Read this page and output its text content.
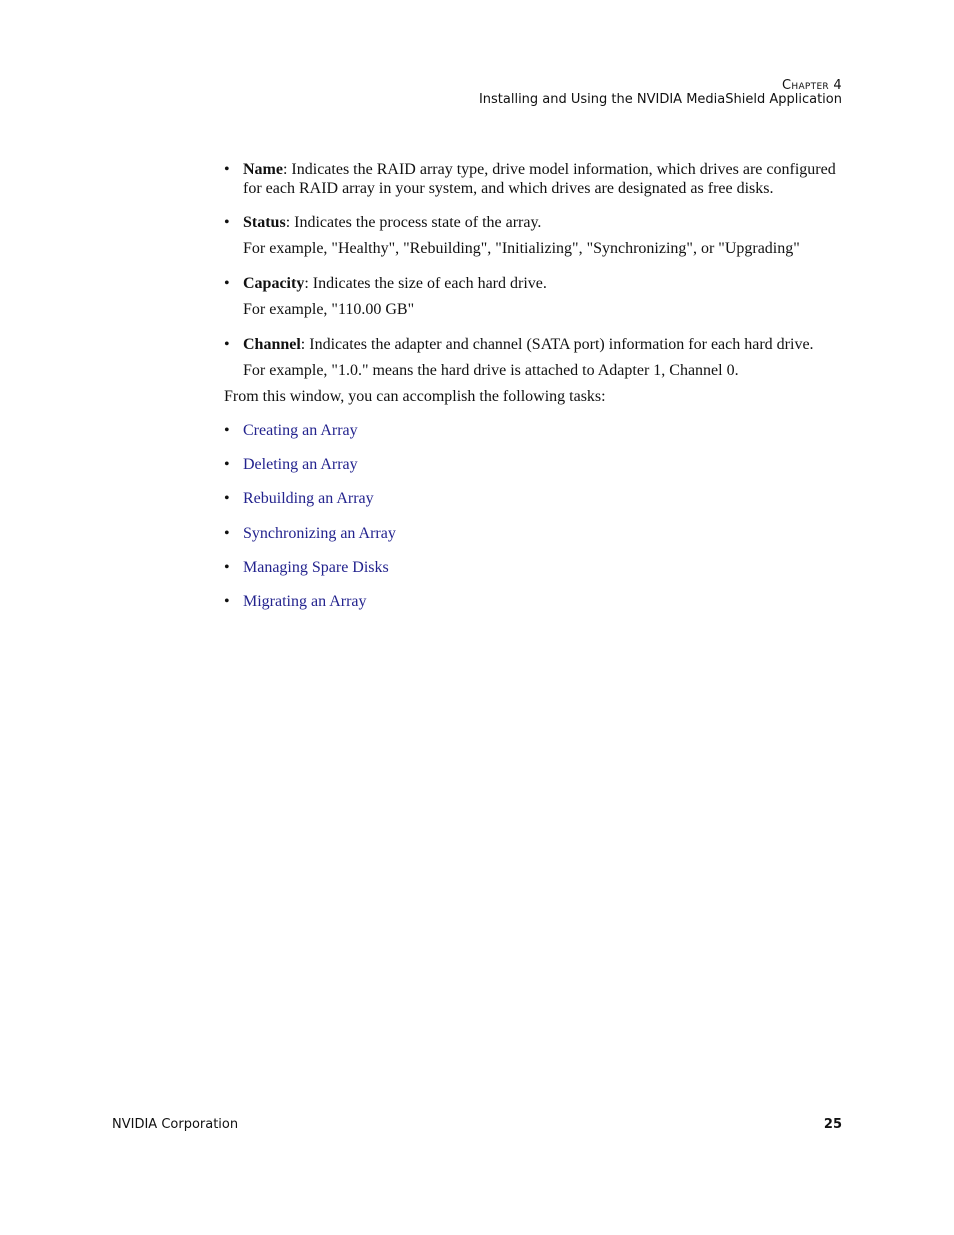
Chapter 4
Installing and Using the NVIDIA MediaShield Application
• Name: Indicates the RAID array type, drive model information, which drives are configured for each RAID array in your system, and which drives are designated as free disks.
• Status: Indicates the process state of the array.
For example, "Healthy", "Rebuilding", "Initializing", "Synchronizing", or "Upgrading"
• Capacity: Indicates the size of each hard drive.
For example, "110.00 GB"
• Channel: Indicates the adapter and channel (SATA port) information for each hard drive.
For example, "1.0." means the hard drive is attached to Adapter 1, Channel 0.
From this window, you can accomplish the following tasks:
• Creating an Array
• Deleting an Array
• Rebuilding an Array
• Synchronizing an Array
• Managing Spare Disks
• Migrating an Array
NVIDIA Corporation	25
